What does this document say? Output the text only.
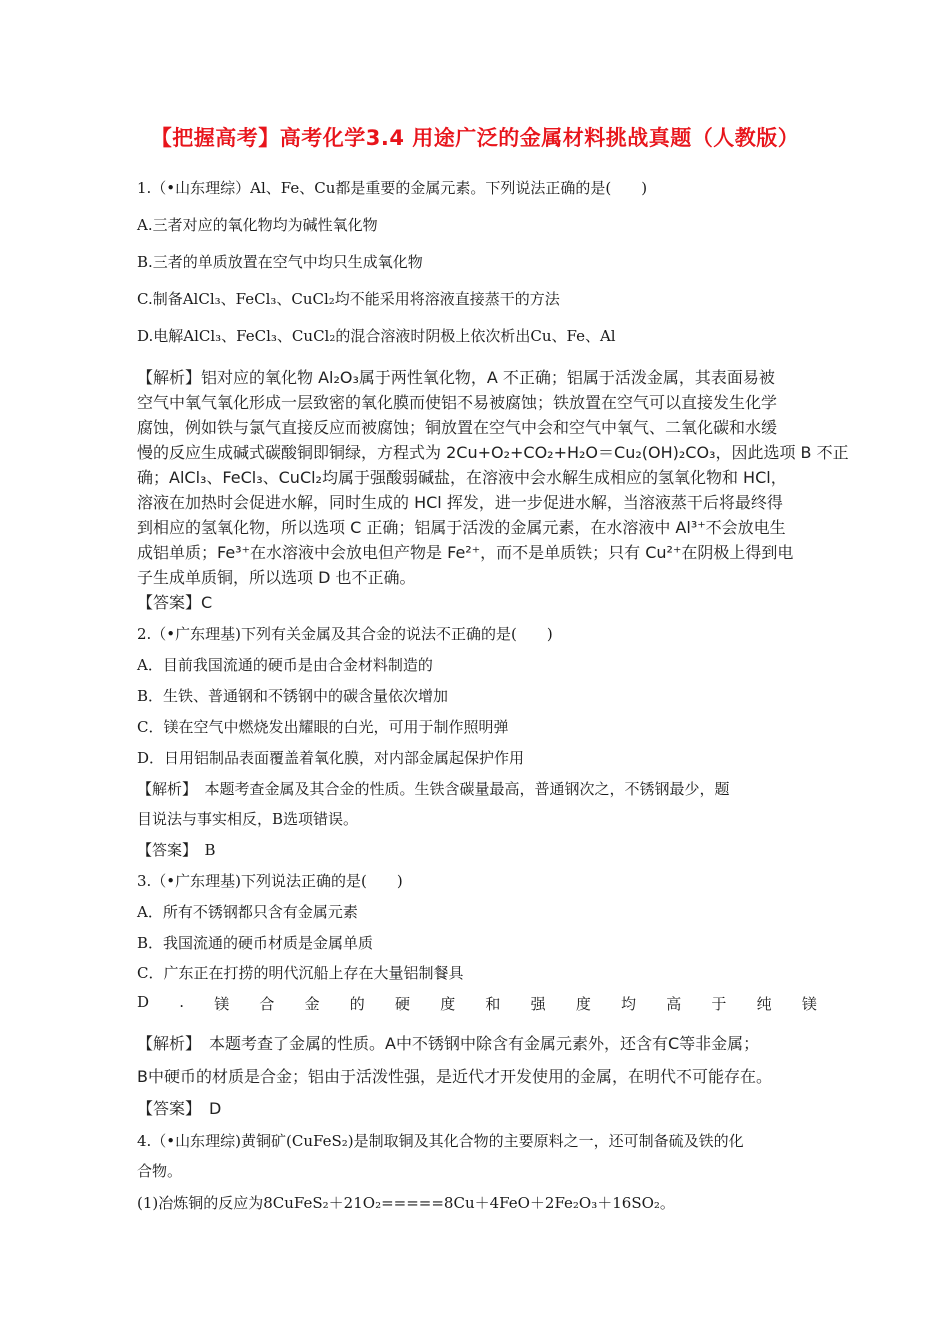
【把握高考】高考化学3.4 用途广泛的金属材料挑战真题（人教版）
1.（•山东理综）Al、Fe、Cu都是重要的金属元素。下列说法正确的是(　　)
A.三者对应的氧化物均为碱性氧化物
B.三者的单质放置在空气中均只生成氧化物
C.制备AlCl₃、FeCl₃、CuCl₂均不能采用将溶液直接蒸干的方法
D.电解AlCl₃、FeCl₃、CuCl₂的混合溶液时阴极上依次析出Cu、Fe、Al
【解析】铝对应的氧化物 Al₂O₃属于两性氧化物，A 不正确；铝属于活泼金属，其表面易被
空气中氧气氧化形成一层致密的氧化膜而使铝不易被腐蚀；铁放置在空气可以直接发生化学
腐蚀，例如铁与氯气直接反应而被腐蚀；铜放置在空气中会和空气中氧气、二氧化碳和水缓
慢的反应生成碱式碳酸铜即铜绿，方程式为 2Cu+O₂+CO₂+H₂O＝Cu₂(OH)₂CO₃，因此选项 B 不正
确；AlCl₃、FeCl₃、CuCl₂均属于强酸弱碱盐，在溶液中会水解生成相应的氢氧化物和 HCl，
溶液在加热时会促进水解，同时生成的 HCl 挥发，进一步促进水解，当溶液蒸干后将最终得
到相应的氢氧化物，所以选项 C 正确；铝属于活泼的金属元素，在水溶液中 Al³⁺不会放电生
成铝单质；Fe³⁺在水溶液中会放电但产物是 Fe²⁺，而不是单质铁；只有 Cu²⁺在阴极上得到电
子生成单质铜，所以选项 D 也不正确。
【答案】C
2.（•广东理基)下列有关金属及其合金的说法不正确的是(　　)
A．目前我国流通的硬币是由合金材料制造的
B．生铁、普通钢和不锈钢中的碳含量依次增加
C．镁在空气中燃烧发出耀眼的白光，可用于制作照明弹
D．日用铝制品表面覆盖着氧化膜，对内部金属起保护作用
【解析】　本题考查金属及其合金的性质。生铁含碳量最高，普通钢次之，不锈钢最少，题
目说法与事实相反，B选项错误。
【答案】　B
3.（•广东理基)下列说法正确的是(　　)
A．所有不锈钢都只含有金属元素
B．我国流通的硬币材质是金属单质
C．广东正在打捞的明代沉船上存在大量铝制餐具
D . 镁 合 金 的 硬 度 和 强 度 均 高 于 纯 镁
【解析】　本题考查了金属的性质。A中不锈钢中除含有金属元素外，还含有C等非金属；
B中硬币的材质是合金；铝由于活泼性强，是近代才开发使用的金属，在明代不可能存在。
【答案】　D
4.（•山东理综)黄铜矿(CuFeS₂)是制取铜及其化合物的主要原料之一，还可制备硫及铁的化
合物。
(1)冶炼铜的反应为8CuFeS₂＋21O₂=====8Cu＋4FeO＋2Fe₂O₃＋16SO₂。
